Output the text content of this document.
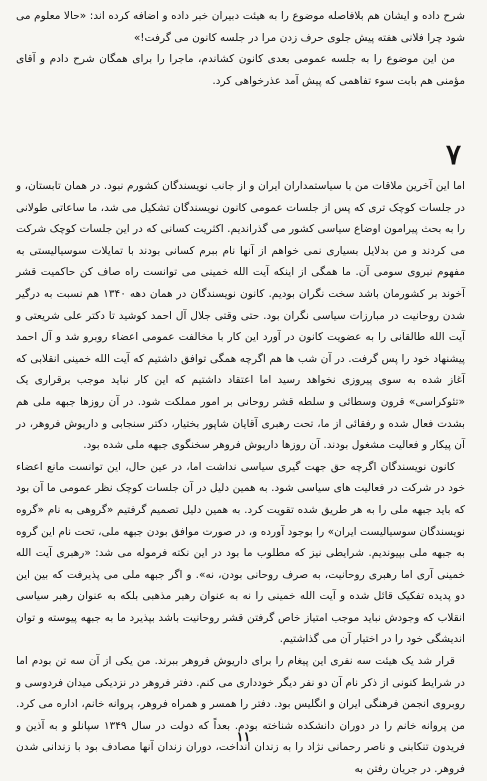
شرح داده و ایشان هم بلافاصله موضوع را به هیئت دبیران خبر داده و اضافه کرده اند: «حالا معلوم می شود چرا فلانی هفته پیش جلوی حرف زدن مرا در جلسه کانون می گرفت!»

من این موضوع را به جلسه عمومی بعدی کانون کشاندم، ماجرا را برای همگان شرح دادم و آقای مؤمنی هم بابت سوء تفاهمی که پیش آمد عذرخواهی کرد.

۷

اما این آخرین ملاقات من با سیاستمداران ایران و از جانب نویسندگان کشورم نبود. در همان تابستان، و در جلسات کوچک تری که پس از جلسات عمومی کانون نویسندگان تشکیل می شد، ما ساعاتی طولانی را به بحث پیرامون اوضاع سیاسی کشور می گذراندیم. اکثریت کسانی که در این جلسات کوچک شرکت می کردند و من بدلایل بسیاری نمی خواهم از آنها نام ببرم کسانی بودند با تمایلات سوسیالیستی به مفهوم نیروی سومی آن. ما همگی از اینکه آیت الله خمینی می توانست راه صاف کن حاکمیت قشر آخوند بر کشورمان باشد سخت نگران بودیم. کانون نویسندگان در همان دهه ۱۳۴۰ هم نسبت به درگیر شدن روحانیت در مبارزات سیاسی نگران بود. حتی وقتی جلال آل احمد کوشید تا دکتر علی شریعتی و آیت الله طالقانی را به عضویت کانون در آورد این کار با مخالفت عمومی اعضاء روبرو شد و آل احمد پیشنهاد خود را پس گرفت. در آن شب ها هم اگرچه همگی توافق داشتیم که آیت الله خمینی انقلابی که آغاز شده به سوی پیروزی نخواهد رسید اما اعتقاد داشتیم که این کار نباید موجب برقراری یک «تئوکراسی» قرون وسطائی و سلطه قشر روحانی بر امور مملکت شود. در آن روزها جبهه ملی هم بشدت فعال شده و رفقائی از ما، تحت رهبری آقایان شاپور بختیار، دکتر سنجابی و داریوش فروهر، در آن پیکار و فعالیت مشغول بودند. آن روزها داریوش فروهر سخنگوی جبهه ملی شده بود.

کانون نویسندگان اگرچه حق جهت گیری سیاسی نداشت اما، در عین حال، این توانست مانع اعضاء خود در شرکت در فعالیت های سیاسی شود. به همین دلیل در آن جلسات کوچک نظر عمومی ما آن بود که باید جبهه ملی را به هر طریق شده تقویت کرد. به همین دلیل تصمیم گرفتیم «گروهی به نام «گروه نویسندگان سوسیالیست ایران» را بوجود آورده و، در صورت موافق بودن جبهه ملی، تحت نام این گروه به جبهه ملی بپیوندیم. شرایطی نیز که مطلوب ما بود در این نکته فرموله می شد: «رهبری آیت الله خمینی آری اما رهبری روحانیت، به صرف روحانی بودن، نه». و اگر جبهه ملی می پذیرفت که بین این دو پدیده تفکیک قائل شده و آیت الله خمینی را نه به عنوان رهبر مذهبی بلکه به عنوان رهبر سیاسی انقلاب که وجودش نباید موجب امتیاز خاص گرفتن قشر روحانیت باشد بپذیرد ما به جبهه پیوسته و توان اندیشگی خود را در اختیار آن می گذاشتیم.

قرار شد یک هیئت سه نفری این پیغام را برای داریوش فروهر ببرند. من یکی از آن سه تن بودم اما در شرایط کنونی از ذکر نام آن دو نفر دیگر خودداری می کنم. دفتر فروهر در نزدیکی میدان فردوسی و روبروی انجمن فرهنگی ایران و انگلیس بود. دفتر را همسر و همراه فروهر، پروانه خانم، اداره می کرد. من پروانه خانم را در دوران دانشکده شناخته بودم. بعداً که دولت در سال ۱۳۴۹ سپانلو و به آذین و فریدون تنکابنی و ناصر رحمانی نژاد را به زندان انداخت، دوران زندان آنها مصادف بود با زندانی شدن فروهر. در جریان رفتن به

۱۱
